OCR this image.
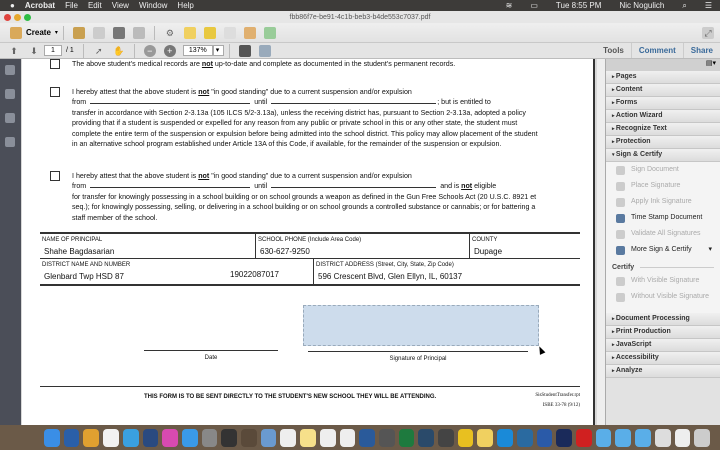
● Acrobat File Edit View Window Help	≋ ▭ Tue 8:55 PM Nic Nogulich ⌕ ☰
fbb86f7e-be91-4c1b-beb3-b4de553c7037.pdf
Create ▾	⚙	⤢
⬆ ⬇	1	/ 1 ➚ ✋	−	+	137%	▾	Tools	Comment	Share
The above student's medical records are not up-to-date and complete as documented in the student's permanent records.
I hereby attest that the above student is not "in good standing" due to a current suspension and/or expulsion
from	until	; but is entitled to
transfer in accordance with Section 2-3.13a (105 ILCS 5/2-3.13a), unless the receiving district has, pursuant to Section 2-3.13a, adopted a policy providing that if a student is suspended or expelled for any reason from any public or private school in this or any other state, the student must complete the entire term of the suspension or expulsion before being admitted into the school district. This policy may allow placement of the student in an alternative school program established under Article 13A of this Code, if available, for the remainder of the suspension or expulsion.
I hereby attest that the above student is not "in good standing" due to a current suspension and/or expulsion
from	until	and is not eligible
for transfer for knowingly possessing in a school building or on school grounds a weapon as defined in the Gun Free Schools Act (20 U.S.C. 8921 et seq.); for knowingly possessing, selling, or delivering in a school building or on school grounds a controlled substance or cannabis; or for battering a staff member of the school.
NAME OF PRINCIPAL
Shahe Bagdasarian
SCHOOL PHONE (Include Area Code)
630-627-9250
COUNTY
Dupage
DISTRICT NAME AND NUMBER
Glenbard Twp HSD 87	19022087017
DISTRICT ADDRESS (Street, City, State, Zip Code)
596 Crescent Blvd, Glen Ellyn, IL, 60137
Date	Signature of Principal
THIS FORM IS TO BE SENT DIRECTLY TO THE STUDENT'S NEW SCHOOL THEY WILL BE ATTENDING.	SisStudentTransfer.rpt
ISBE 33-78 (9/12)
▤▾
▸ Pages
▸ Content
▸ Forms
▸ Action Wizard
▸ Recognize Text
▸ Protection
▾ Sign & Certify
Sign Document
Place Signature
Apply Ink Signature
Time Stamp Document
Validate All Signatures
More Sign & Certify ▾
Certify
With Visible Signature
Without Visible Signature
▸ Document Processing
▸ Print Production
▸ JavaScript
▸ Accessibility
▸ Analyze
